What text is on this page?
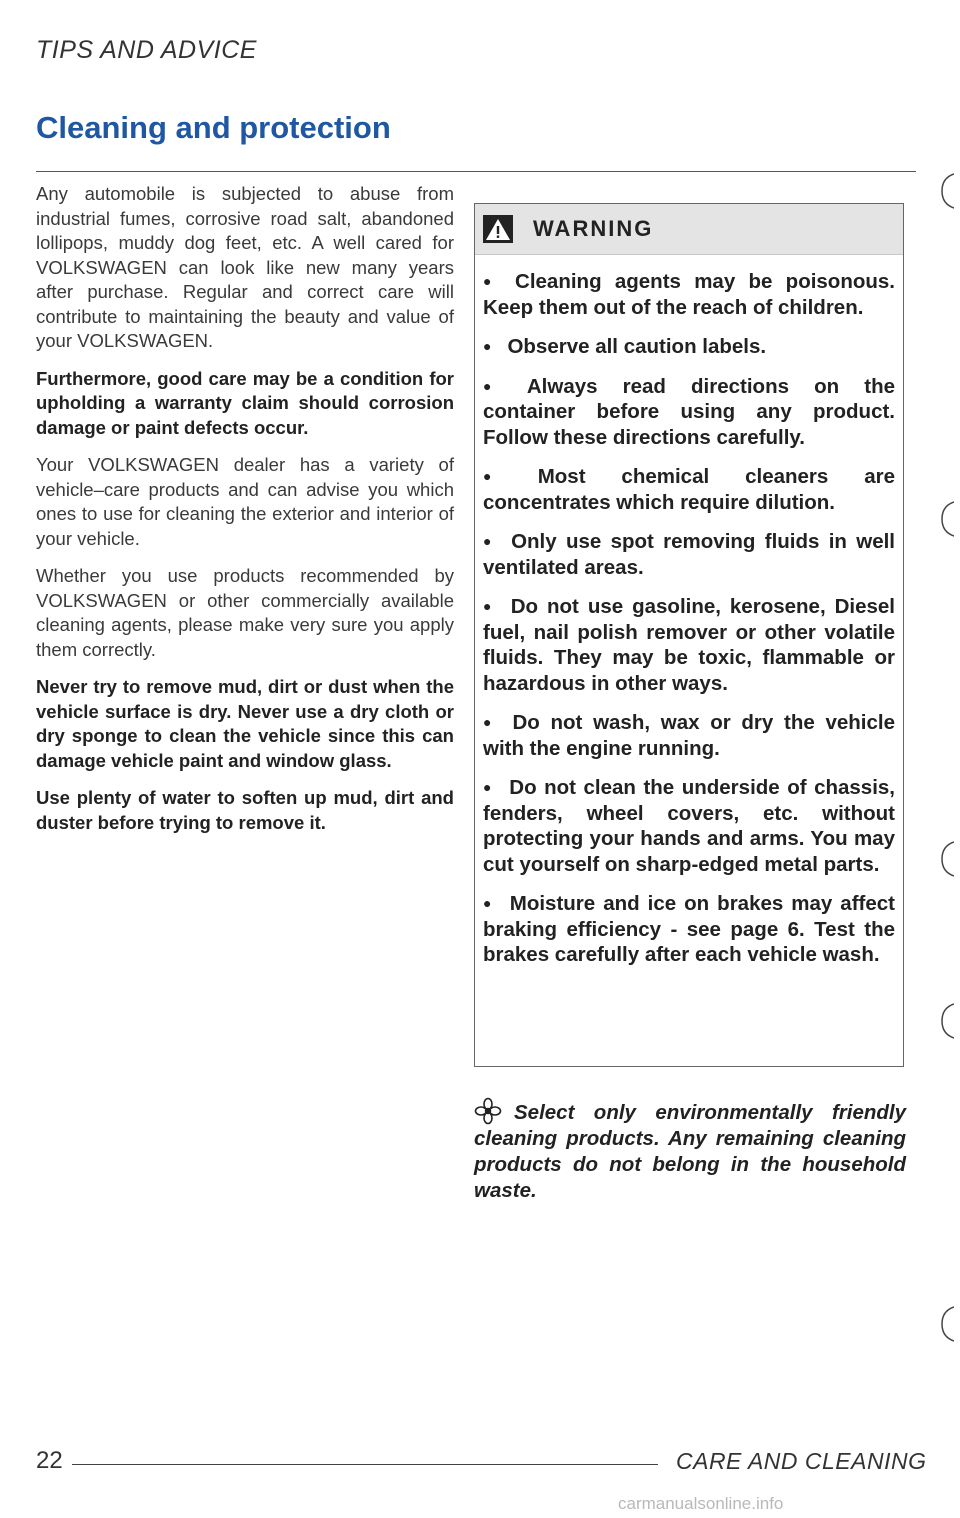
TIPS AND ADVICE
Cleaning and protection

Any automobile is subjected to abuse from industrial fumes, corrosive road salt, abandoned lollipops, muddy dog feet, etc. A well cared for VOLKSWAGEN can look like new many years after purchase. Regular and correct care will contribute to maintaining the beauty and value of your VOLKSWAGEN.

Furthermore, good care may be a condition for upholding a warranty claim should corrosion damage or paint defects occur.

Your VOLKSWAGEN dealer has a variety of vehicle–care products and can advise you which ones to use for cleaning the exterior and interior of your vehicle.

Whether you use products recommended by VOLKSWAGEN or other commercially available cleaning agents, please make very sure you apply them correctly.

Never try to remove mud, dirt or dust when the vehicle surface is dry. Never use a dry cloth or dry sponge to clean the vehicle since this can damage vehicle paint and window glass.

Use plenty of water to soften up mud, dirt and duster before trying to remove it.

WARNING
● Cleaning agents may be poisonous. Keep them out of the reach of children.
● Observe all caution labels.
● Always read directions on the container before using any product. Follow these directions carefully.
● Most chemical cleaners are concentrates which require dilution.
● Only use spot removing fluids in well ventilated areas.
● Do not use gasoline, kerosene, Diesel fuel, nail polish remover or other volatile fluids. They may be toxic, flammable or hazardous in other ways.
● Do not wash, wax or dry the vehicle with the engine running.
● Do not clean the underside of chassis, fenders, wheel covers, etc. without protecting your hands and arms. You may cut yourself on sharp-edged metal parts.
● Moisture and ice on brakes may affect braking efficiency - see page 6. Test the brakes carefully after each vehicle wash.
Select only environmentally friendly cleaning products. Any remaining cleaning products do not belong in the household waste.
22	CARE AND CLEANING
carmanualsonline.info
